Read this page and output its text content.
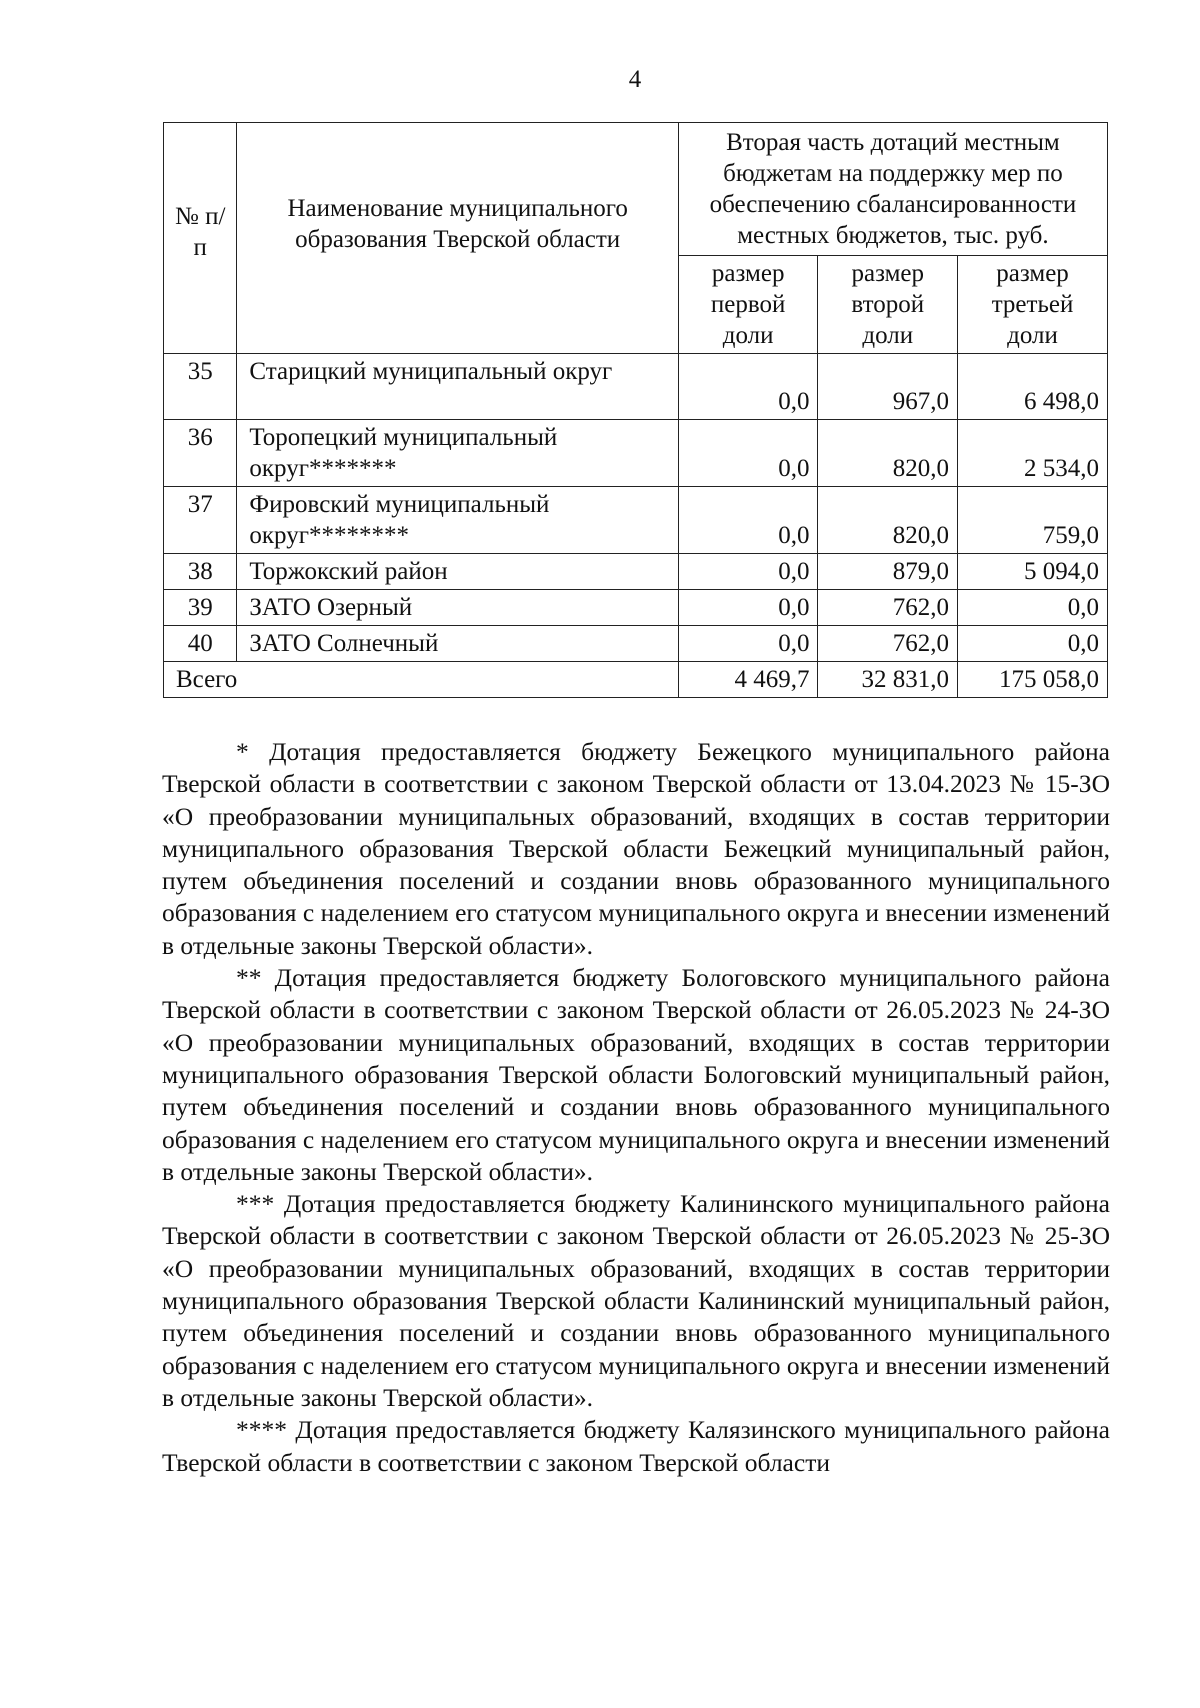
4
№ п/п	Наименование муниципального образования Тверской области	Вторая часть дотаций местным бюджетам на поддержку мер по обеспечению сбалансированности местных бюджетов, тыс. руб.		
		размер первой доли	размер второй доли	размер третьей доли
35	Старицкий муниципальный округ	0,0	967,0	6 498,0
36	Торопецкий муниципальный округ*******	0,0	820,0	2 534,0
37	Фировский муниципальный округ********	0,0	820,0	759,0
38	Торжокский район	0,0	879,0	5 094,0
39	ЗАТО Озерный	0,0	762,0	0,0
40	ЗАТО Солнечный	0,0	762,0	0,0
Всего		4 469,7	32 831,0	175 058,0

* Дотация предоставляется бюджету Бежецкого муниципального района Тверской области в соответствии с законом Тверской области от 13.04.2023 № 15-ЗО «О преобразовании муниципальных образований, входящих в состав территории муниципального образования Тверской области Бежецкий муниципальный район, путем объединения поселений и создании вновь образованного муниципального образования с наделением его статусом муниципального округа и внесении изменений в отдельные законы Тверской области».

** Дотация предоставляется бюджету Бологовского муниципального района Тверской области в соответствии с законом Тверской области от 26.05.2023 № 24-ЗО «О преобразовании муниципальных образований, входящих в состав территории муниципального образования Тверской области Бологовский муниципальный район, путем объединения поселений и создании вновь образованного муниципального образования с наделением его статусом муниципального округа и внесении изменений в отдельные законы Тверской области».

*** Дотация предоставляется бюджету Калининского муниципального района Тверской области в соответствии с законом Тверской области от 26.05.2023 № 25-ЗО «О преобразовании муниципальных образований, входящих в состав территории муниципального образования Тверской области Калининский муниципальный район, путем объединения поселений и создании вновь образованного муниципального образования с наделением его статусом муниципального округа и внесении изменений в отдельные законы Тверской области».

**** Дотация предоставляется бюджету Калязинского муниципального района Тверской области в соответствии с законом Тверской области
